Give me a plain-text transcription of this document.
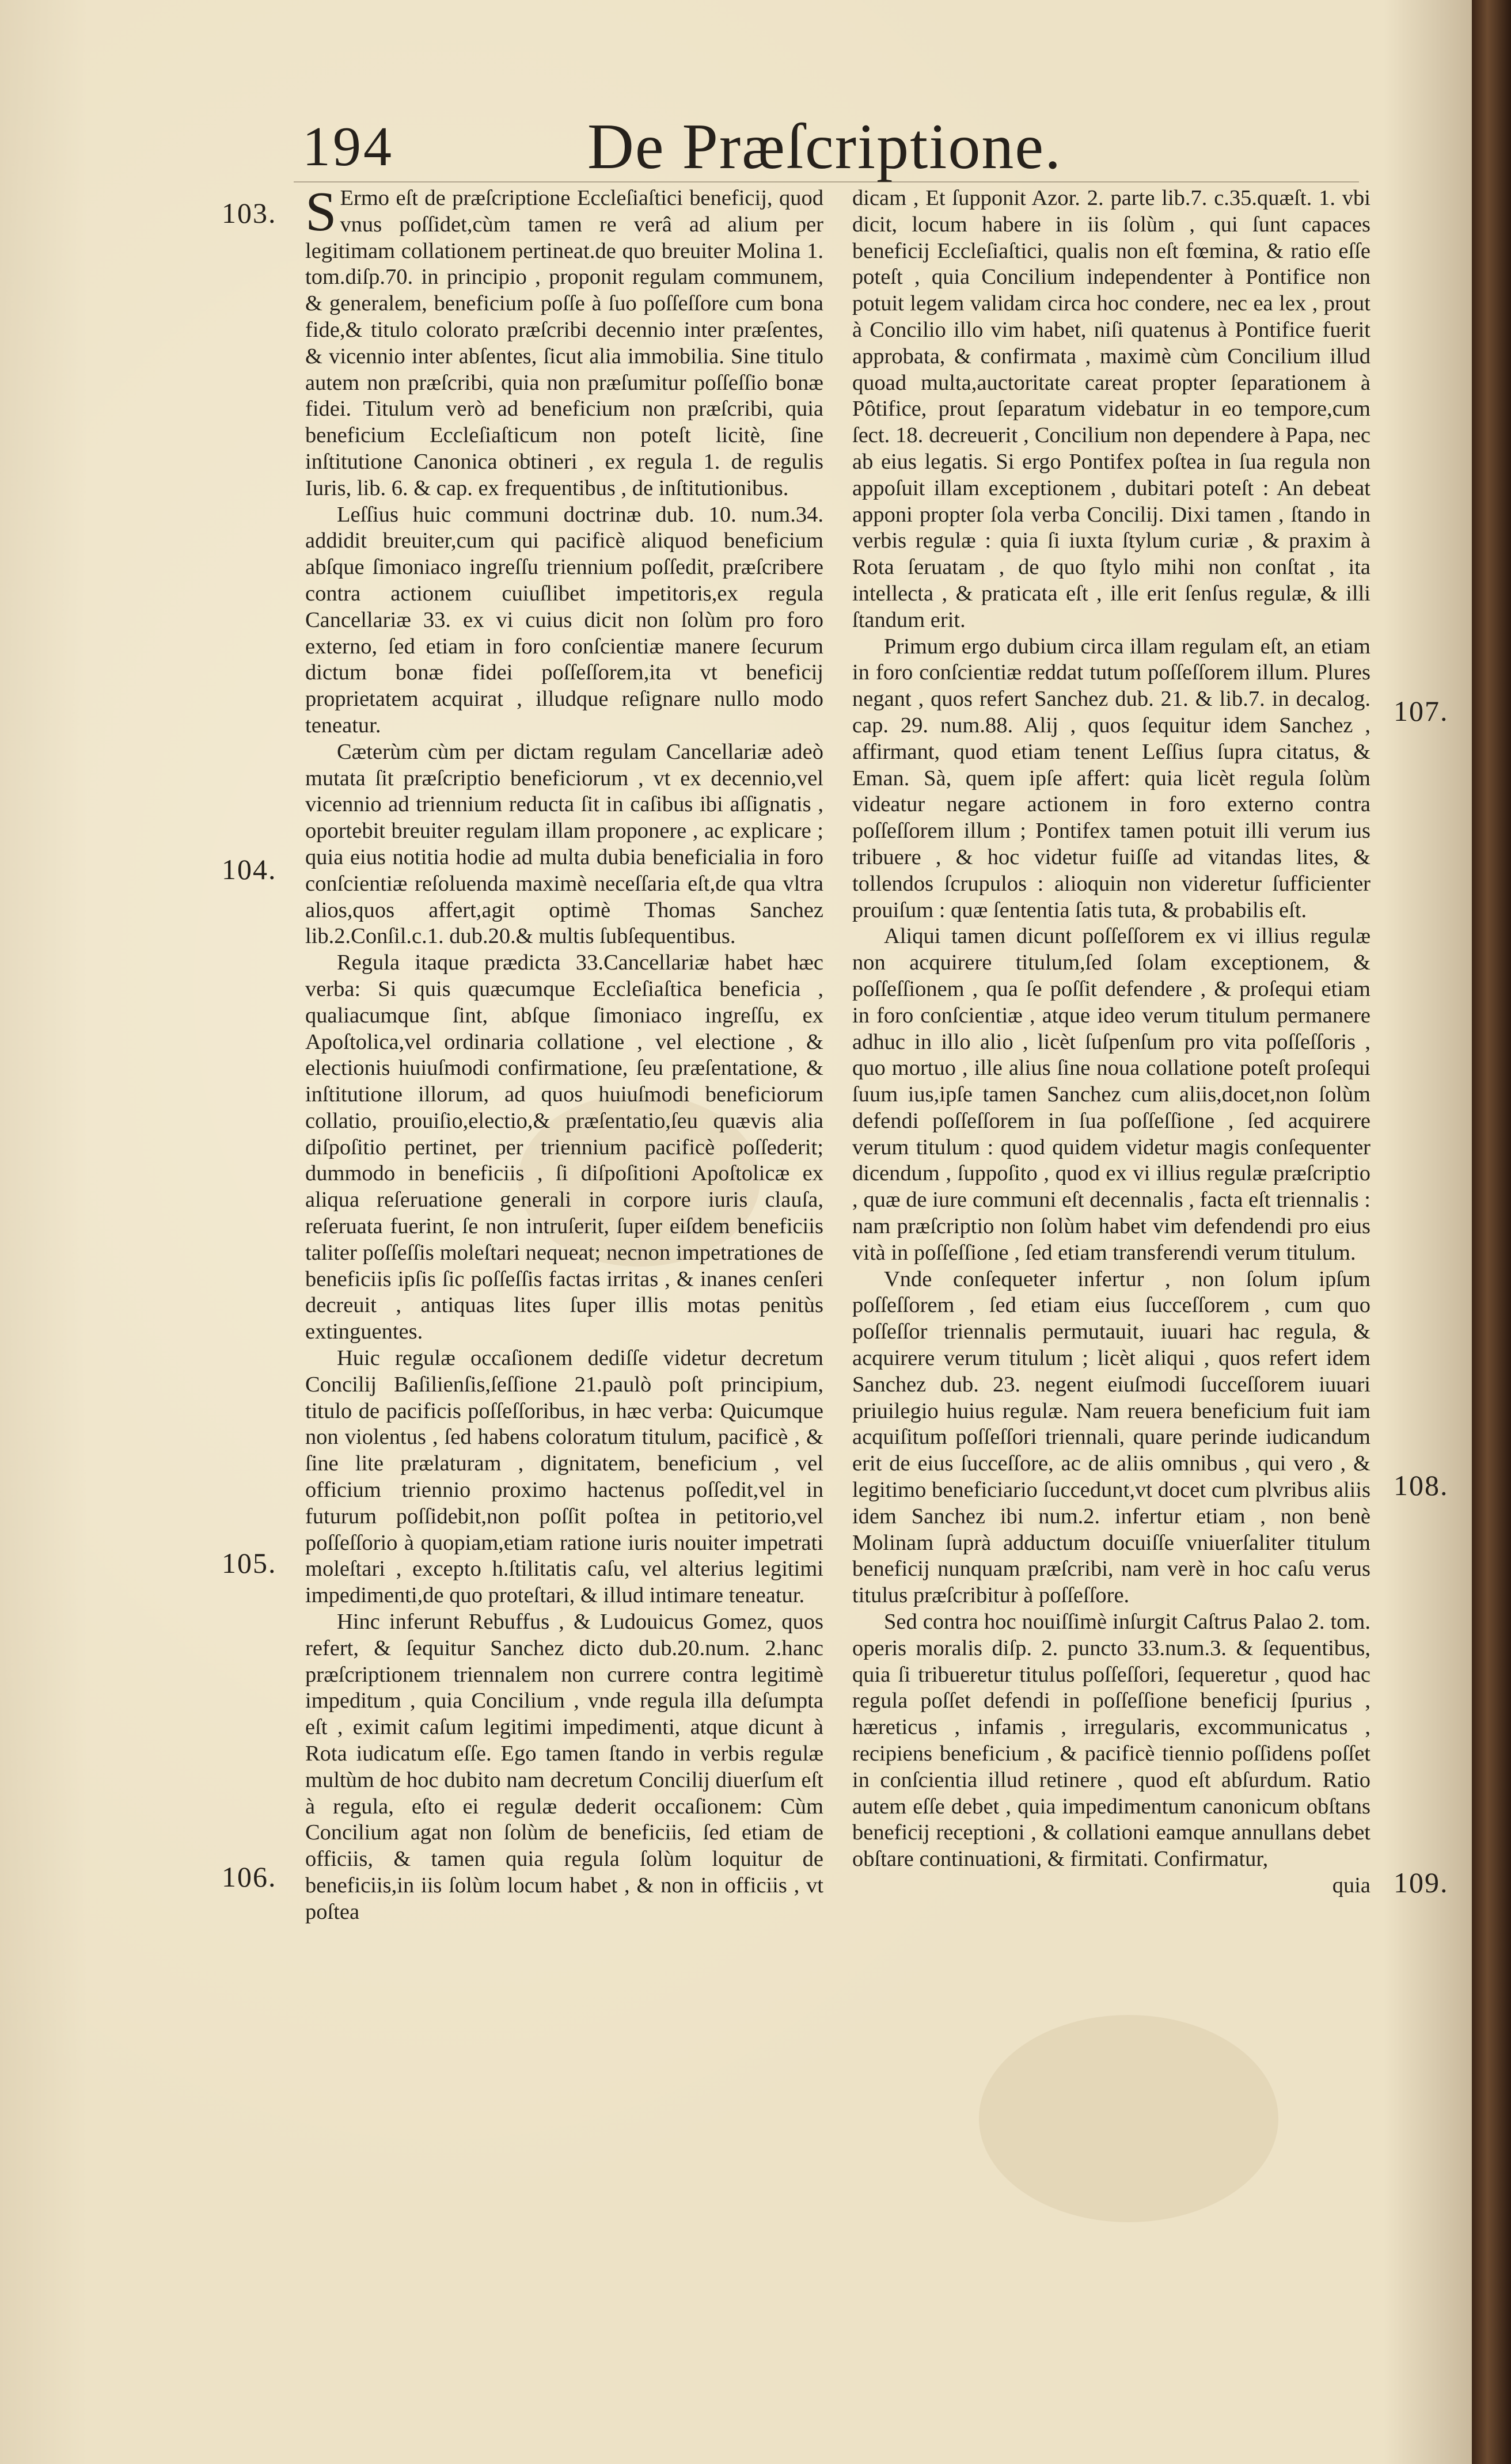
194	De Præſcriptione.
103.
104.
105.
106.
107.
108.
109.

S Ermo eſt de præſcriptione Eccleſiaſtici beneficij, quod vnus poſſidet,cùm tamen re verâ ad alium per legitimam collationem pertineat.de quo breuiter Molina 1. tom.diſp.70. in principio , proponit regulam communem, & generalem, beneficium poſſe à ſuo poſſeſſore cum bona fide,& titulo colorato præſcribi decennio inter præſentes, & vicennio inter abſentes, ſicut alia immobilia. Sine titulo autem non præſcribi, quia non præſumitur poſſeſſio bonæ fidei. Titulum verò ad beneficium non præſcribi, quia beneficium Eccleſiaſticum non poteſt licitè, ſine inſtitutione Canonica obtineri , ex regula 1. de regulis Iuris, lib. 6. & cap. ex frequentibus , de inſtitutionibus.

Leſſius huic communi doctrinæ dub. 10. num.34. addidit breuiter,cum qui pacificè aliquod beneficium abſque ſimoniaco ingreſſu triennium poſſedit, præſcribere contra actionem cuiuſlibet impetitoris,ex regula Cancellariæ 33. ex vi cuius dicit non ſolùm pro foro externo, ſed etiam in foro conſcientiæ manere ſecurum dictum bonæ fidei poſſeſſorem,ita vt beneficij proprietatem acquirat , illudque reſignare nullo modo teneatur.

Cæterùm cùm per dictam regulam Cancellariæ adeò mutata ſit præſcriptio beneficiorum , vt ex decennio,vel vicennio ad triennium reducta ſit in caſibus ibi aſſignatis , oportebit breuiter regulam illam proponere , ac explicare ; quia eius notitia hodie ad multa dubia beneficialia in foro conſcientiæ reſoluenda maximè neceſſaria eſt,de qua vltra alios,quos affert,agit optimè Thomas Sanchez lib.2.Conſil.c.1. dub.20.& multis ſubſequentibus.

Regula itaque prædicta 33.Cancellariæ habet hæc verba: Si quis quæcumque Eccleſiaſtica beneficia , qualiacumque ſint, abſque ſimoniaco ingreſſu, ex Apoſtolica,vel ordinaria collatione , vel electione , & electionis huiuſmodi confirmatione, ſeu præſentatione, & inſtitutione illorum, ad quos huiuſmodi beneficiorum collatio, prouiſio,electio,& præſentatio,ſeu quævis alia diſpoſitio pertinet, per triennium pacificè poſſederit; dummodo in beneficiis , ſi diſpoſitioni Apoſtolicæ ex aliqua reſeruatione generali in corpore iuris clauſa, reſeruata fuerint, ſe non intruſerit, ſuper eiſdem beneficiis taliter poſſeſſis moleſtari nequeat; necnon impetrationes de beneficiis ipſis ſic poſſeſſis factas irritas , & inanes cenſeri decreuit , antiquas lites ſuper illis motas penitùs extinguentes.

Huic regulæ occaſionem dediſſe videtur decretum Concilij Baſilienſis,ſeſſione 21.paulò poſt principium, titulo de pacificis poſſeſſoribus, in hæc verba: Quicumque non violentus , ſed habens coloratum titulum, pacificè , & ſine lite prælaturam , dignitatem, beneficium , vel officium triennio proximo hactenus poſſedit,vel in futurum poſſidebit,non poſſit poſtea in petitorio,vel poſſeſſorio à quopiam,etiam ratione iuris nouiter impetrati moleſtari , excepto h.ſtilitatis caſu, vel alterius legitimi impedimenti,de quo proteſtari, & illud intimare teneatur.

Hinc inferunt Rebuffus , & Ludouicus Gomez, quos refert, & ſequitur Sanchez dicto dub.20.num. 2.hanc præſcriptionem triennalem non currere contra legitimè impeditum , quia Concilium , vnde regula illa deſumpta eſt , eximit caſum legitimi impedimenti, atque dicunt à Rota iudicatum eſſe. Ego tamen ſtando in verbis regulæ multùm de hoc dubito nam decretum Concilij diuerſum eſt à regula, eſto ei regulæ dederit occaſionem: Cùm Concilium agat non ſolùm de beneficiis, ſed etiam de officiis, & tamen quia regula ſolùm loquitur de beneficiis,in iis ſolùm locum habet , & non in officiis , vt poſtea

dicam , Et ſupponit Azor. 2. parte lib.7. c.35.quæſt. 1. vbi dicit, locum habere in iis ſolùm , qui ſunt capaces beneficij Eccleſiaſtici, qualis non eſt fœmina, & ratio eſſe poteſt , quia Concilium independenter à Pontifice non potuit legem validam circa hoc condere, nec ea lex , prout à Concilio illo vim habet, niſi quatenus à Pontifice fuerit approbata, & confirmata , maximè cùm Concilium illud quoad multa,auctoritate careat propter ſeparationem à Pôtifice, prout ſeparatum videbatur in eo tempore,cum ſect. 18. decreuerit , Concilium non dependere à Papa, nec ab eius legatis. Si ergo Pontifex poſtea in ſua regula non appoſuit illam exceptionem , dubitari poteſt : An debeat apponi propter ſola verba Concilij. Dixi tamen , ſtando in verbis regulæ : quia ſi iuxta ſtylum curiæ , & praxim à Rota ſeruatam , de quo ſtylo mihi non conſtat , ita intellecta , & praticata eſt , ille erit ſenſus regulæ, & illi ſtandum erit.

Primum ergo dubium circa illam regulam eſt, an etiam in foro conſcientiæ reddat tutum poſſeſſorem illum. Plures negant , quos refert Sanchez dub. 21. & lib.7. in decalog. cap. 29. num.88. Alij , quos ſequitur idem Sanchez , affirmant, quod etiam tenent Leſſius ſupra citatus, & Eman. Sà, quem ipſe affert: quia licèt regula ſolùm videatur negare actionem in foro externo contra poſſeſſorem illum ; Pontifex tamen potuit illi verum ius tribuere , & hoc videtur fuiſſe ad vitandas lites, & tollendos ſcrupulos : alioquin non videretur ſufficienter prouiſum : quæ ſententia ſatis tuta, & probabilis eſt.

Aliqui tamen dicunt poſſeſſorem ex vi illius regulæ non acquirere titulum,ſed ſolam exceptionem, & poſſeſſionem , qua ſe poſſit defendere , & proſequi etiam in foro conſcientiæ , atque ideo verum titulum permanere adhuc in illo alio , licèt ſuſpenſum pro vita poſſeſſoris , quo mortuo , ille alius ſine noua collatione poteſt proſequi ſuum ius,ipſe tamen Sanchez cum aliis,docet,non ſolùm defendi poſſeſſorem in ſua poſſeſſione , ſed acquirere verum titulum : quod quidem videtur magis conſequenter dicendum , ſuppoſito , quod ex vi illius regulæ præſcriptio , quæ de iure communi eſt decennalis , facta eſt triennalis : nam præſcriptio non ſolùm habet vim defendendi pro eius vità in poſſeſſione , ſed etiam transferendi verum titulum.

Vnde conſequeter infertur , non ſolum ipſum poſſeſſorem , ſed etiam eius ſucceſſorem , cum quo poſſeſſor triennalis permutauit, iuuari hac regula, & acquirere verum titulum ; licèt aliqui , quos refert idem Sanchez dub. 23. negent eiuſmodi ſucceſſorem iuuari priuilegio huius regulæ. Nam reuera beneficium fuit iam acquiſitum poſſeſſori triennali, quare perinde iudicandum erit de eius ſucceſſore, ac de aliis omnibus , qui vero , & legitimo beneficiario ſuccedunt,vt docet cum plvribus aliis idem Sanchez ibi num.2. infertur etiam , non benè Molinam ſuprà adductum docuiſſe vniuerſaliter titulum beneficij nunquam præſcribi, nam verè in hoc caſu verus titulus præſcribitur à poſſeſſore.

Sed contra hoc nouiſſimè inſurgit Caſtrus Palao 2. tom. operis moralis diſp. 2. puncto 33.num.3. & ſequentibus, quia ſi tribueretur titulus poſſeſſori, ſequeretur , quod hac regula poſſet defendi in poſſeſſione beneficij ſpurius , hæreticus , infamis , irregularis, excommunicatus , recipiens beneficium , & pacificè tiennio poſſidens poſſet in conſcientia illud retinere , quod eſt abſurdum. Ratio autem eſſe debet , quia impedimentum canonicum obſtans beneficij receptioni , & collationi eamque annullans debet obſtare continuationi, & firmitati. Confirmatur,

quia
